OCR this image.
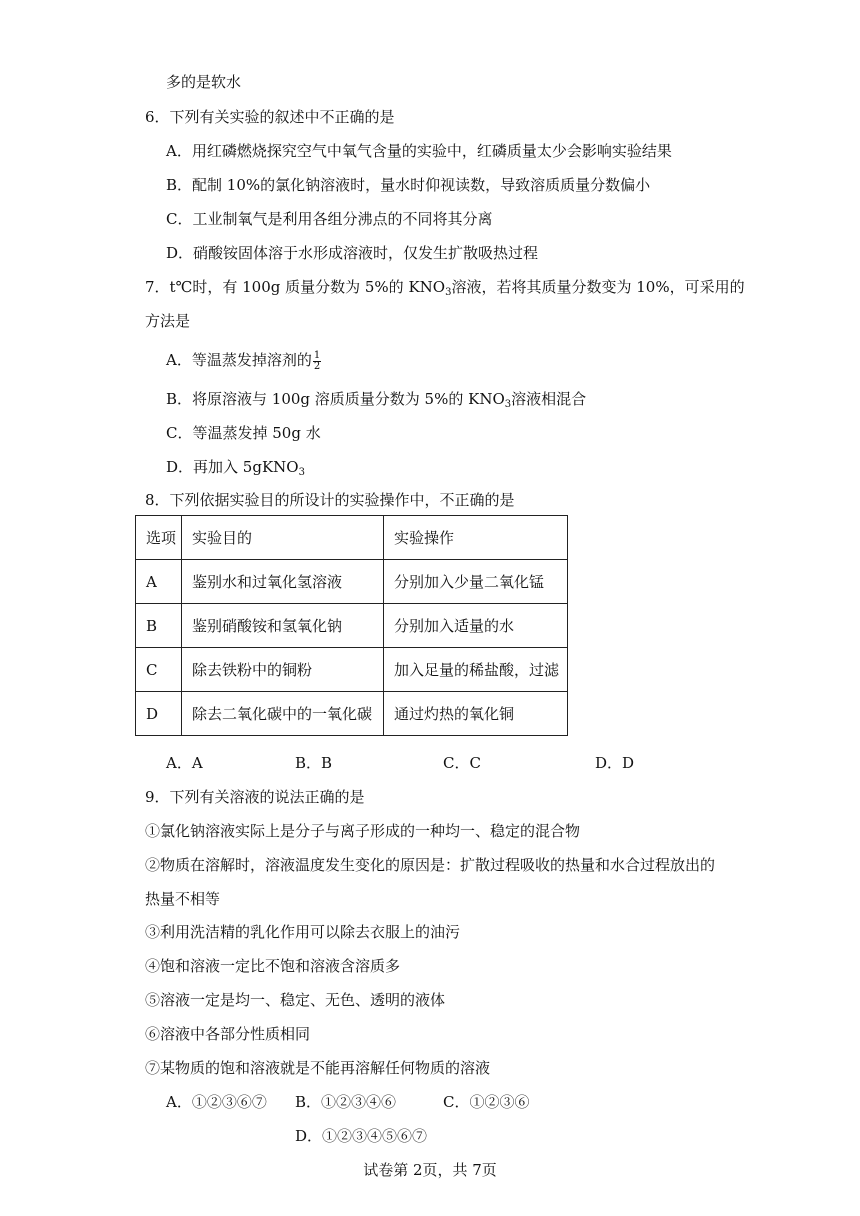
多的是软水
6．下列有关实验的叙述中不正确的是
A．用红磷燃烧探究空气中氧气含量的实验中，红磷质量太少会影响实验结果
B．配制 10%的氯化钠溶液时，量水时仰视读数，导致溶质质量分数偏小
C．工业制氧气是利用各组分沸点的不同将其分离
D．硝酸铵固体溶于水形成溶液时，仅发生扩散吸热过程
7．t℃时，有 100g 质量分数为 5%的 $KNO_3$溶液，若将其质量分数变为 10%，可采用的
方法是
A．等温蒸发掉溶剂的 $\frac{1}{2}$
B．将原溶液与 100g 溶质质量分数为 5%的 $KNO_3$溶液相混合
C．等温蒸发掉 50g 水
D．再加入 5gKNO$_3$
8．下列依据实验目的所设计的实验操作中，不正确的是
选项	实验目的	实验操作
A	鉴别水和过氧化氢溶液	分别加入少量二氧化锰
B	鉴别硝酸铵和氢氧化钠	分别加入适量的水
C	除去铁粉中的铜粉	加入足量的稀盐酸，过滤
D	除去二氧化碳中的一氧化碳	通过灼热的氧化铜
A．A	B．B	C．C	D．D
9．下列有关溶液的说法正确的是
①氯化钠溶液实际上是分子与离子形成的一种均一、稳定的混合物
②物质在溶解时，溶液温度发生变化的原因是：扩散过程吸收的热量和水合过程放出的
热量不相等
③利用洗洁精的乳化作用可以除去衣服上的油污
④饱和溶液一定比不饱和溶液含溶质多
⑤溶液一定是均一、稳定、无色、透明的液体
⑥溶液中各部分性质相同
⑦某物质的饱和溶液就是不能再溶解任何物质的溶液
A．①②③⑥⑦ B．①②③④⑥	C．①②③⑥
D．①②③④⑤⑥⑦
试卷第 2页，共 7页
